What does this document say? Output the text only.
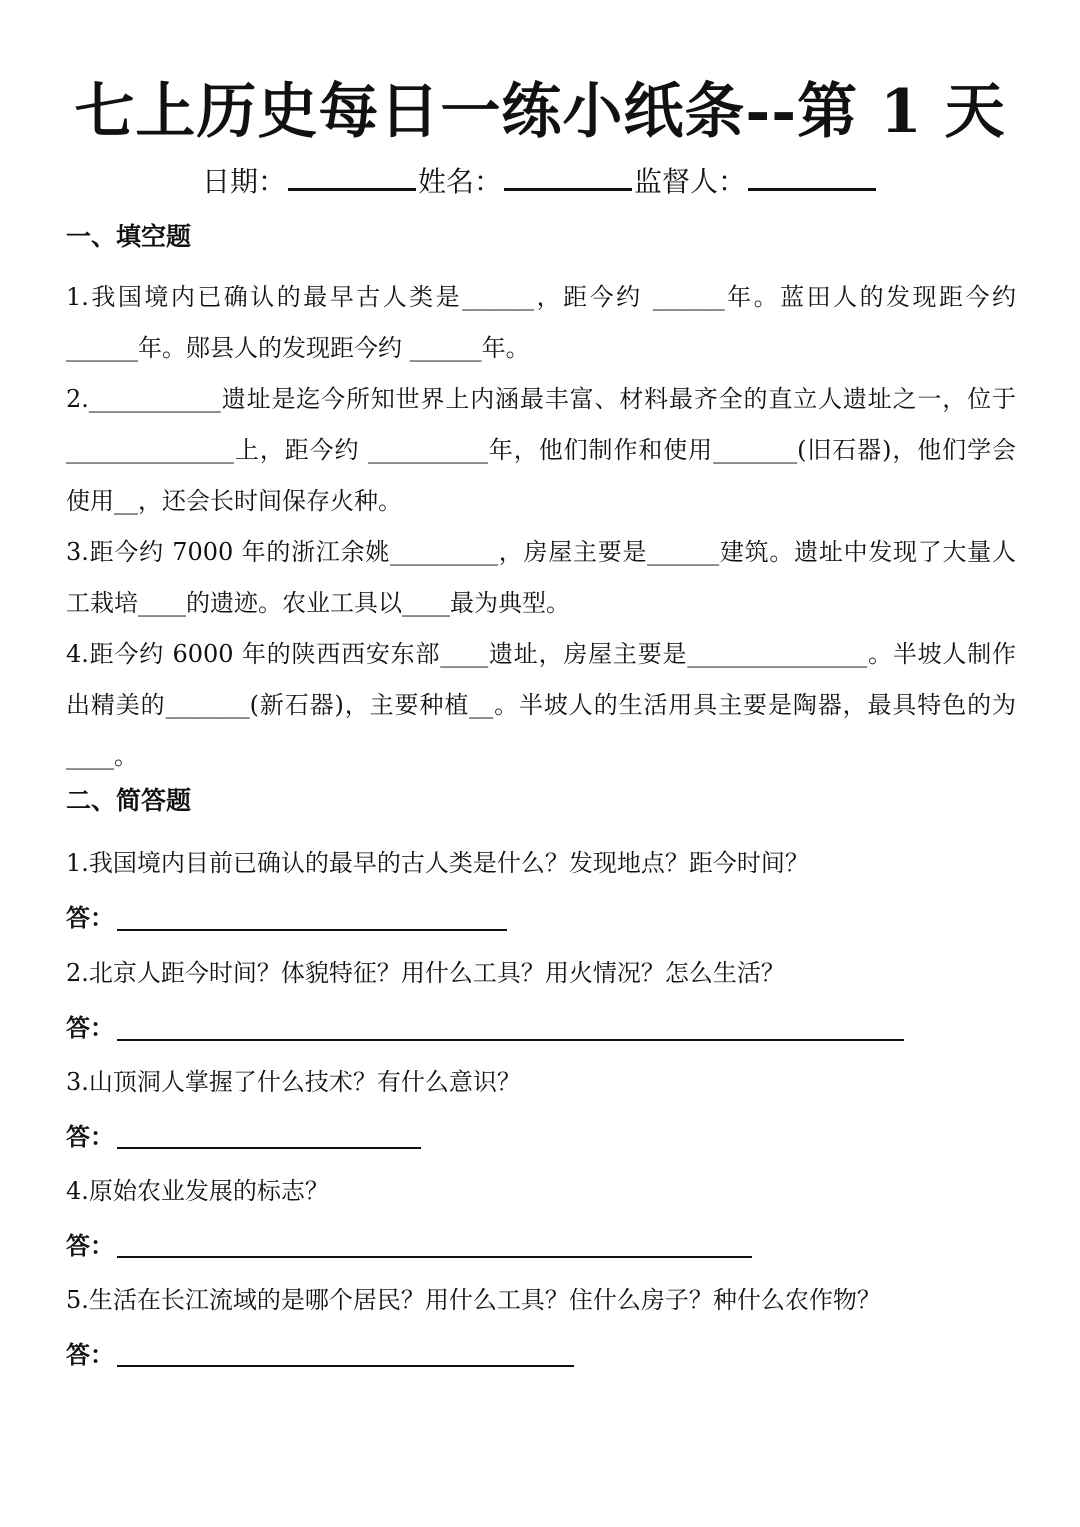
七上历史每日一练小纸条--第 1 天
日期：	姓名：	监督人：
一、填空题
1.我国境内已确认的最早古人类是______，距今约 ______年。蓝田人的发现距今约 ______年。郧县人的发现距今约 ______年。
2.___________遗址是迄今所知世界上内涵最丰富、材料最齐全的直立人遗址之一，位于______________上，距今约 __________年，他们制作和使用_______(旧石器)，他们学会使用__，还会长时间保存火种。
3.距今约 7000 年的浙江余姚_________，房屋主要是______建筑。遗址中发现了大量人工栽培____的遗迹。农业工具以____最为典型。
4.距今约 6000 年的陕西西安东部____遗址，房屋主要是_______________。半坡人制作出精美的_______(新石器)，主要种植__。半坡人的生活用具主要是陶器，最具特色的为____。
二、简答题
1.我国境内目前已确认的最早的古人类是什么？发现地点？距今时间？
答：
2.北京人距今时间？体貌特征？用什么工具？用火情况？怎么生活？
答：
3.山顶洞人掌握了什么技术？有什么意识？
答：
4.原始农业发展的标志？
答：
5.生活在长江流域的是哪个居民？用什么工具？住什么房子？种什么农作物？
答：
